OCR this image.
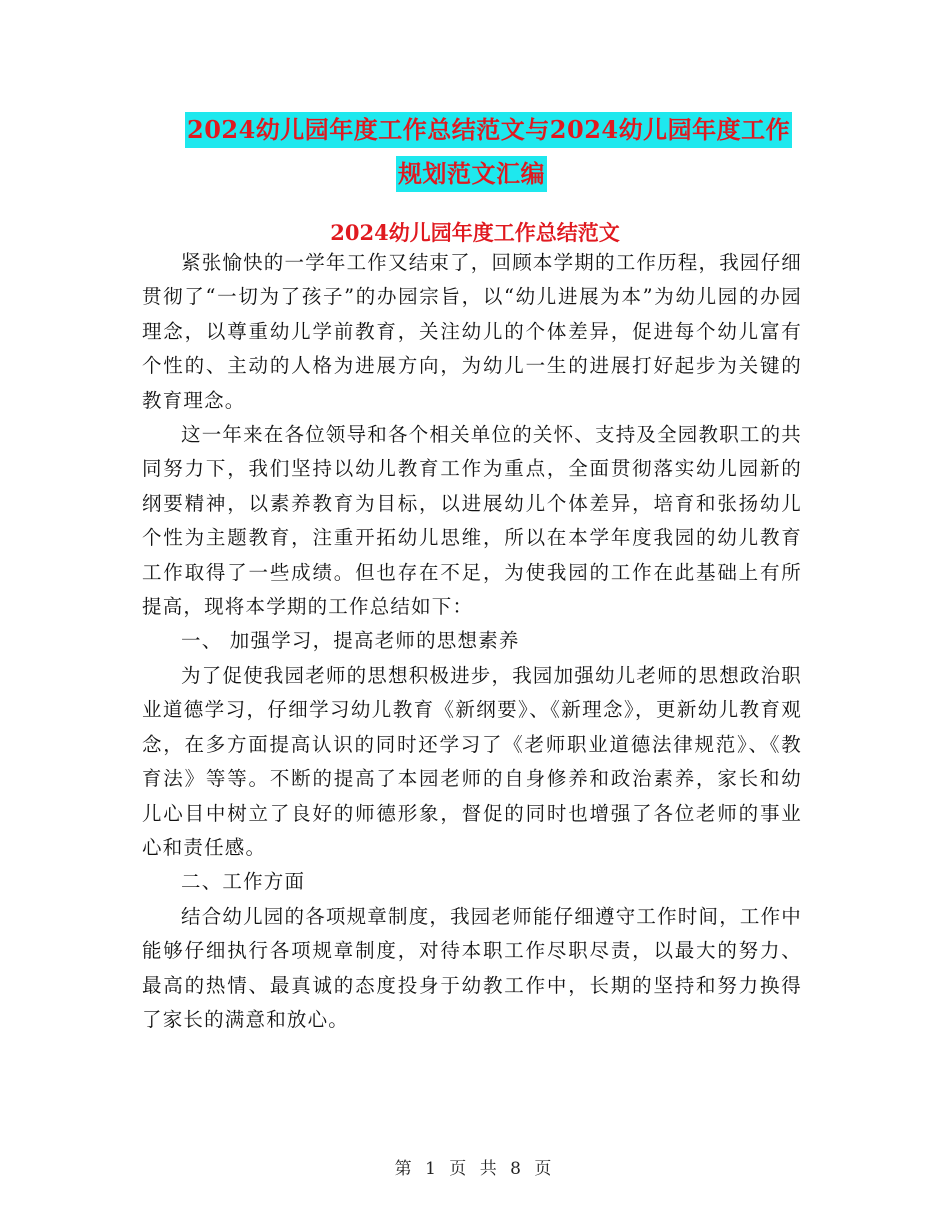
2024幼儿园年度工作总结范文与2024幼儿园年度工作
规划范文汇编
2024幼儿园年度工作总结范文

紧张愉快的一学年工作又结束了，回顾本学期的工作历程，我园仔细贯彻了“一切为了孩子”的办园宗旨，以“幼儿进展为本”为幼儿园的办园理念，以尊重幼儿学前教育，关注幼儿的个体差异，促进每个幼儿富有个性的、主动的人格为进展方向，为幼儿一生的进展打好起步为关键的教育理念。

这一年来在各位领导和各个相关单位的关怀、支持及全园教职工的共同努力下，我们坚持以幼儿教育工作为重点，全面贯彻落实幼儿园新的纲要精神，以素养教育为目标，以进展幼儿个体差异，培育和张扬幼儿个性为主题教育，注重开拓幼儿思维，所以在本学年度我园的幼儿教育工作取得了一些成绩。但也存在不足，为使我园的工作在此基础上有所提高，现将本学期的工作总结如下：

一、 加强学习，提高老师的思想素养

为了促使我园老师的思想积极进步，我园加强幼儿老师的思想政治职业道德学习，仔细学习幼儿教育《新纲要》、《新理念》，更新幼儿教育观念，在多方面提高认识的同时还学习了《老师职业道德法律规范》、《教育法》等等。不断的提高了本园老师的自身修养和政治素养，家长和幼儿心目中树立了良好的师德形象，督促的同时也增强了各位老师的事业心和责任感。

二、工作方面

结合幼儿园的各项规章制度，我园老师能仔细遵守工作时间，工作中能够仔细执行各项规章制度，对待本职工作尽职尽责，以最大的努力、最高的热情、最真诚的态度投身于幼教工作中，长期的坚持和努力换得了家长的满意和放心。

第 1 页 共 8 页
